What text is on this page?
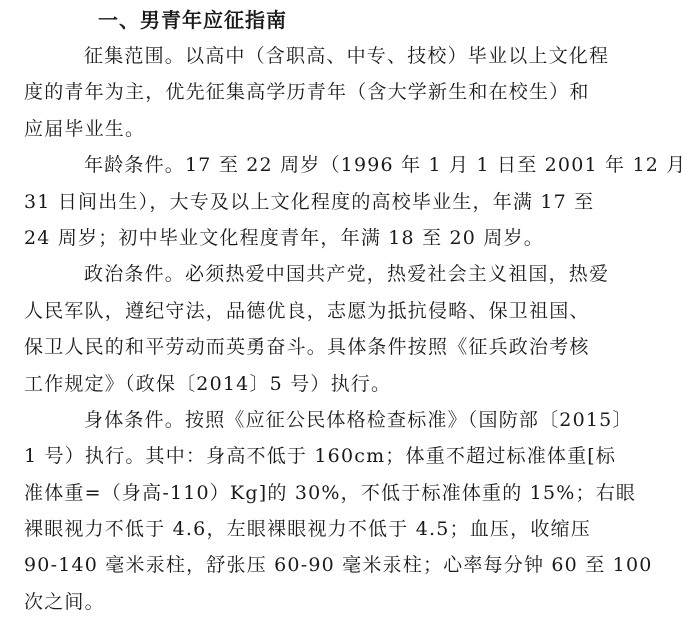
一、男青年应征指南
征集范围。以高中（含职高、中专、技校）毕业以上文化程
度的青年为主，优先征集高学历青年（含大学新生和在校生）和
应届毕业生。
年龄条件。17 至 22 周岁（1996 年 1 月 1 日至 2001 年 12 月
31 日间出生），大专及以上文化程度的高校毕业生，年满 17 至
24 周岁；初中毕业文化程度青年，年满 18 至 20 周岁。
政治条件。必须热爱中国共产党，热爱社会主义祖国，热爱
人民军队，遵纪守法，品德优良，志愿为抵抗侵略、保卫祖国、
保卫人民的和平劳动而英勇奋斗。具体条件按照《征兵政治考核
工作规定》（政保〔2014〕5 号）执行。
身体条件。按照《应征公民体格检查标准》（国防部〔2015〕
1 号）执行。其中：身高不低于 160cm；体重不超过标准体重[标
准体重=（身高-110）Kg]的 30%，不低于标准体重的 15%；右眼
裸眼视力不低于 4.6，左眼裸眼视力不低于 4.5；血压，收缩压
90-140 毫米汞柱，舒张压 60-90 毫米汞柱；心率每分钟 60 至 100
次之间。
